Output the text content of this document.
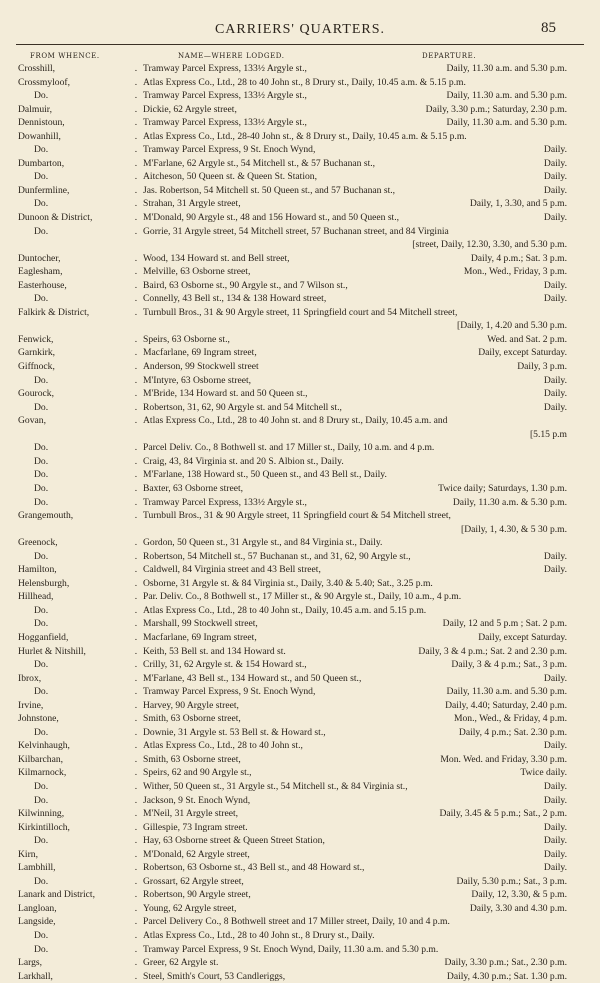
CARRIERS' QUARTERS.	85
FROM WHENCE.	NAME—WHERE LODGED.	DEPARTURE.
Crosshill,	. Tramway Parcel Express, 133½ Argyle st.,	Daily, 11.30 a.m. and 5.30 p.m.
Crossmyloof,	. Atlas Express Co., Ltd., 28 to 40 John st., 8 Drury st., Daily, 10.45 a.m. & 5.15 p.m.
Do.	. Tramway Parcel Express, 133½ Argyle st.,	Daily, 11.30 a.m. and 5.30 p.m.
Dalmuir,	. Dickie, 62 Argyle street,	Daily, 3.30 p.m.; Saturday, 2.30 p.m.
Dennistoun,	. Tramway Parcel Express, 133½ Argyle st.,	Daily, 11.30 a.m. and 5.30 p.m.
Dowanhill,	. Atlas Express Co., Ltd., 28-40 John st., & 8 Drury st., Daily, 10.45 a.m. & 5.15 p.m.
Do.	. Tramway Parcel Express, 9 St. Enoch Wynd,	Daily.
Dumbarton,	. M'Farlane, 62 Argyle st., 54 Mitchell st., & 57 Buchanan st.,	Daily.
Do.	. Aitcheson, 50 Queen st. & Queen St. Station,	Daily.
Dunfermline,	. Jas. Robertson, 54 Mitchell st. 50 Queen st., and 57 Buchanan st.,	Daily.
Do.	. Strahan, 31 Argyle street,	Daily, 1, 3.30, and 5 p.m.
Dunoon & District,	. M'Donald, 90 Argyle st., 48 and 156 Howard st., and 50 Queen st.,	Daily.
Do.	. Gorrie, 31 Argyle street, 54 Mitchell street, 57 Buchanan street, and 84 Virginia
[street, Daily, 12.30, 3.30, and 5.30 p.m.
Duntocher,	. Wood, 134 Howard st. and Bell street,	Daily, 4 p.m.; Sat. 3 p.m.
Eaglesham,	. Melville, 63 Osborne street,	Mon., Wed., Friday, 3 p.m.
Easterhouse,	. Baird, 63 Osborne st., 90 Argyle st., and 7 Wilson st.,	Daily.
Do.	. Connelly, 43 Bell st., 134 & 138 Howard street,	Daily.
Falkirk & District,	. Turnbull Bros., 31 & 90 Argyle street, 11 Springfield court and 54 Mitchell street,
[Daily, 1, 4.20 and 5.30 p.m.
Fenwick,	. Speirs, 63 Osborne st.,	Wed. and Sat. 2 p.m.
Garnkirk,	. Macfarlane, 69 Ingram street,	Daily, except Saturday.
Giffnock,	. Anderson, 99 Stockwell street	Daily, 3 p.m.
Do.	. M'Intyre, 63 Osborne street,	Daily.
Gourock,	. M'Bride, 134 Howard st. and 50 Queen st.,	Daily.
Do.	. Robertson, 31, 62, 90 Argyle st. and 54 Mitchell st.,	Daily.
Govan,	. Atlas Express Co., Ltd., 28 to 40 John st. and 8 Drury st., Daily, 10.45 a.m. and
[5.15 p.m
Do.	. Parcel Deliv. Co., 8 Bothwell st. and 17 Miller st., Daily, 10 a.m. and 4 p.m.
Do.	. Craig, 43, 84 Virginia st. and 20 S. Albion st., Daily.
Do.	. M'Farlane, 138 Howard st., 50 Queen st., and 43 Bell st., Daily.
Do.	. Baxter, 63 Osborne street,	Twice daily; Saturdays, 1.30 p.m.
Do.	. Tramway Parcel Express, 133½ Argyle st.,	Daily, 11.30 a.m. & 5.30 p.m.
Grangemouth,	. Turnbull Bros., 31 & 90 Argyle street, 11 Springfield court & 54 Mitchell street,
[Daily, 1, 4.30, & 5 30 p.m.
Greenock,	. Gordon, 50 Queen st., 31 Argyle st., and 84 Virginia st., Daily.
Do.	. Robertson, 54 Mitchell st., 57 Buchanan st., and 31, 62, 90 Argyle st.,	Daily.
Hamilton,	. Caldwell, 84 Virginia street and 43 Bell street,	Daily.
Helensburgh,	. Osborne, 31 Argyle st. & 84 Virginia st., Daily, 3.40 & 5.40; Sat., 3.25 p.m.
Hillhead,	. Par. Deliv. Co., 8 Bothwell st., 17 Miller st., & 90 Argyle st., Daily, 10 a.m., 4 p.m.
Do.	. Atlas Express Co., Ltd., 28 to 40 John st., Daily, 10.45 a.m. and 5.15 p.m.
Do.	. Marshall, 99 Stockwell street,	Daily, 12 and 5 p.m ; Sat. 2 p.m.
Hogganfield,	. Macfarlane, 69 Ingram street,	Daily, except Saturday.
Hurlet & Nitshill,	. Keith, 53 Bell st. and 134 Howard st.	Daily, 3 & 4 p.m.; Sat. 2 and 2.30 p.m.
Do.	. Crilly, 31, 62 Argyle st. & 154 Howard st.,	Daily, 3 & 4 p.m.; Sat., 3 p.m.
Ibrox,	. M'Farlane, 43 Bell st., 134 Howard st., and 50 Queen st.,	Daily.
Do.	. Tramway Parcel Express, 9 St. Enoch Wynd,	Daily, 11.30 a.m. and 5.30 p.m.
Irvine,	. Harvey, 90 Argyle street,	Daily, 4.40; Saturday, 2.40 p.m.
Johnstone,	. Smith, 63 Osborne street,	Mon., Wed., & Friday, 4 p.m.
Do.	. Downie, 31 Argyle st. 53 Bell st. & Howard st.,	Daily, 4 p.m.; Sat. 2.30 p.m.
Kelvinhaugh,	. Atlas Express Co., Ltd., 28 to 40 John st.,	Daily.
Kilbarchan,	. Smith, 63 Osborne street,	Mon. Wed. and Friday, 3.30 p.m.
Kilmarnock,	. Speirs, 62 and 90 Argyle st.,	Twice daily.
Do.	. Wither, 50 Queen st., 31 Argyle st., 54 Mitchell st., & 84 Virginia st.,	Daily.
Do.	. Jackson, 9 St. Enoch Wynd,	Daily.
Kilwinning,	. M'Neil, 31 Argyle street,	Daily, 3.45 & 5 p.m.; Sat., 2 p.m.
Kirkintilloch,	. Gillespie, 73 Ingram street.	Daily.
Do.	. Hay, 63 Osborne street & Queen Street Station,	Daily.
Kirn,	. M'Donald, 62 Argyle street,	Daily.
Lambhill,	. Robertson, 63 Osborne st., 43 Bell st., and 48 Howard st.,	Daily.
Do.	. Grossart, 62 Argyle street,	Daily, 5.30 p.m.; Sat., 3 p.m.
Lanark and District,	. Robertson, 90 Argyle street,	Daily, 12, 3.30, & 5 p.m.
Langloan,	. Young, 62 Argyle street,	Daily, 3.30 and 4.30 p.m.
Langside,	. Parcel Delivery Co., 8 Bothwell street and 17 Miller street, Daily, 10 and 4 p.m.
Do.	. Atlas Express Co., Ltd., 28 to 40 John st., 8 Drury st., Daily.
Do.	. Tramway Parcel Express, 9 St. Enoch Wynd, Daily, 11.30 a.m. and 5.30 p.m.
Largs,	. Greer, 62 Argyle st.	Daily, 3.30 p.m.; Sat., 2.30 p.m.
Larkhall,	. Steel, Smith's Court, 53 Candleriggs,	Daily, 4.30 p.m.; Sat. 1.30 p.m.
